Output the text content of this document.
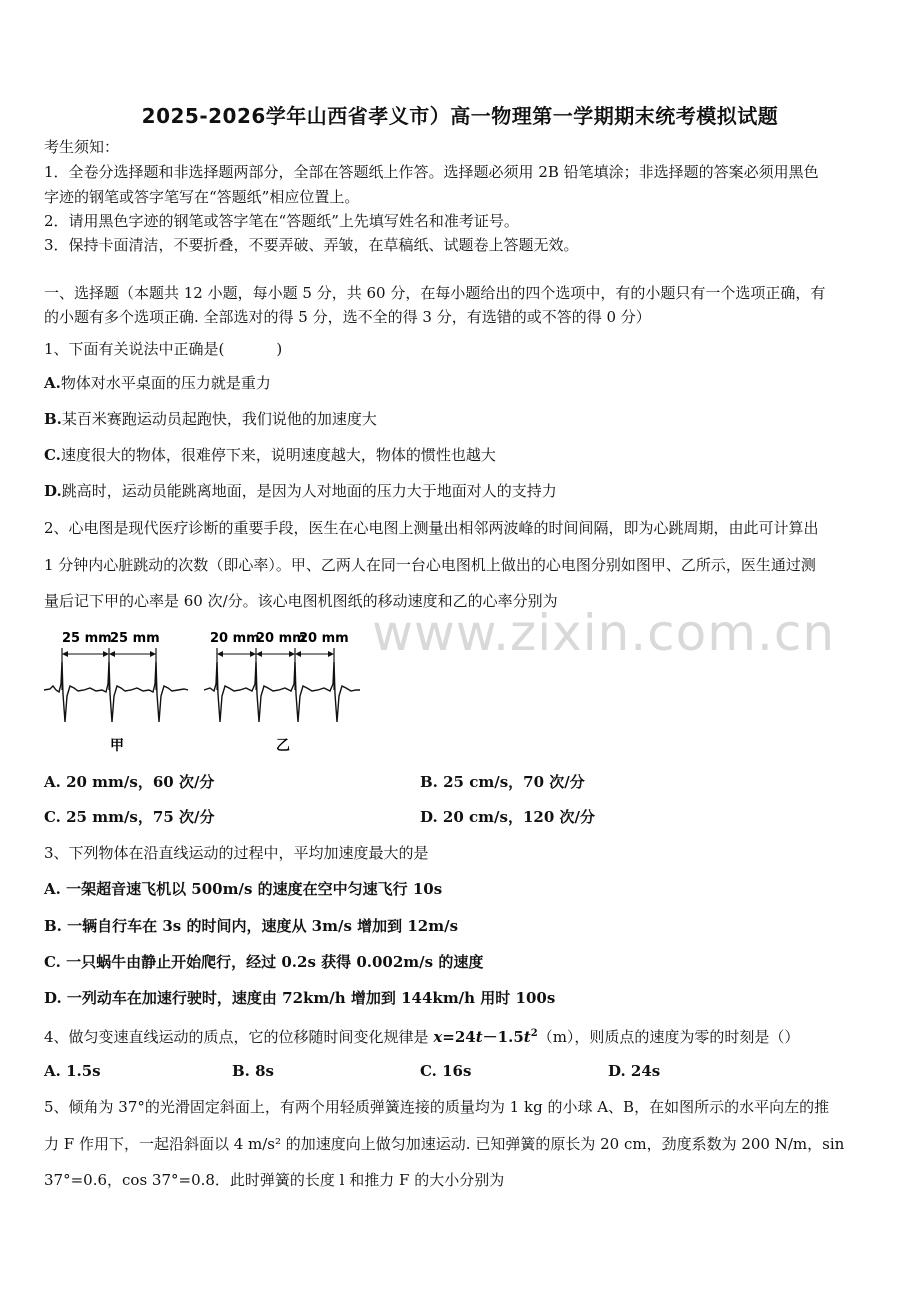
www.zixin.com.cn
2025-2026学年山西省孝义市）高一物理第一学期期末统考模拟试题
考生须知：
1．全卷分选择题和非选择题两部分，全部在答题纸上作答。选择题必须用 2B 铅笔填涂；非选择题的答案必须用黑色
字迹的钢笔或答字笔写在“答题纸”相应位置上。
2．请用黑色字迹的钢笔或答字笔在“答题纸”上先填写姓名和准考证号。
3．保持卡面清洁，不要折叠，不要弄破、弄皱，在草稿纸、试题卷上答题无效。
一、选择题（本题共 12 小题，每小题 5 分，共 60 分，在每小题给出的四个选项中，有的小题只有一个选项正确，有
的小题有多个选项正确. 全部选对的得 5 分，选不全的得 3 分，有选错的或不答的得 0 分）
1、下面有关说法中正确是(	)
A.物体对水平桌面的压力就是重力
B.某百米赛跑运动员起跑快，我们说他的加速度大
C.速度很大的物体，很难停下来，说明速度越大，物体的惯性也越大
D.跳高时，运动员能跳离地面，是因为人对地面的压力大于地面对人的支持力
2、心电图是现代医疗诊断的重要手段，医生在心电图上测量出相邻两波峰的时间间隔，即为心跳周期，由此可计算出
1 分钟内心脏跳动的次数（即心率）。甲、乙两人在同一台心电图机上做出的心电图分别如图甲、乙所示，医生通过测
量后记下甲的心率是 60 次/分。该心电图机图纸的移动速度和乙的心率分别为
25 mm
25 mm
甲
20 mm
20 mm
20 mm
乙
A. 20 mm/s，60 次/分	B. 25 cm/s，70 次/分
C. 25 mm/s，75 次/分	D. 20 cm/s，120 次/分
3、下列物体在沿直线运动的过程中，平均加速度最大的是
A. 一架超音速飞机以 500m/s 的速度在空中匀速飞行 10s
B. 一辆自行车在 3s 的时间内，速度从 3m/s 增加到 12m/s
C. 一只蜗牛由静止开始爬行，经过 0.2s 获得 0.002m/s 的速度
D. 一列动车在加速行驶时，速度由 72km/h 增加到 144km/h 用时 100s
4、做匀变速直线运动的质点，它的位移随时间变化规律是 $x=24t-1.5t^2(m)$，则质点的速度为零的时刻是（）
A. 1.5s	B. 8s	C. 16s	D. 24s
5、倾角为 37°的光滑固定斜面上，有两个用轻质弹簧连接的质量均为 1 kg 的小球 A、B，在如图所示的水平向左的推
力 F 作用下，一起沿斜面以 4 m/s² 的加速度向上做匀加速运动. 已知弹簧的原长为 20 cm，劲度系数为 200 N/m，sin
37°=0.6，cos 37°=0.8．此时弹簧的长度 l 和推力 F 的大小分别为
